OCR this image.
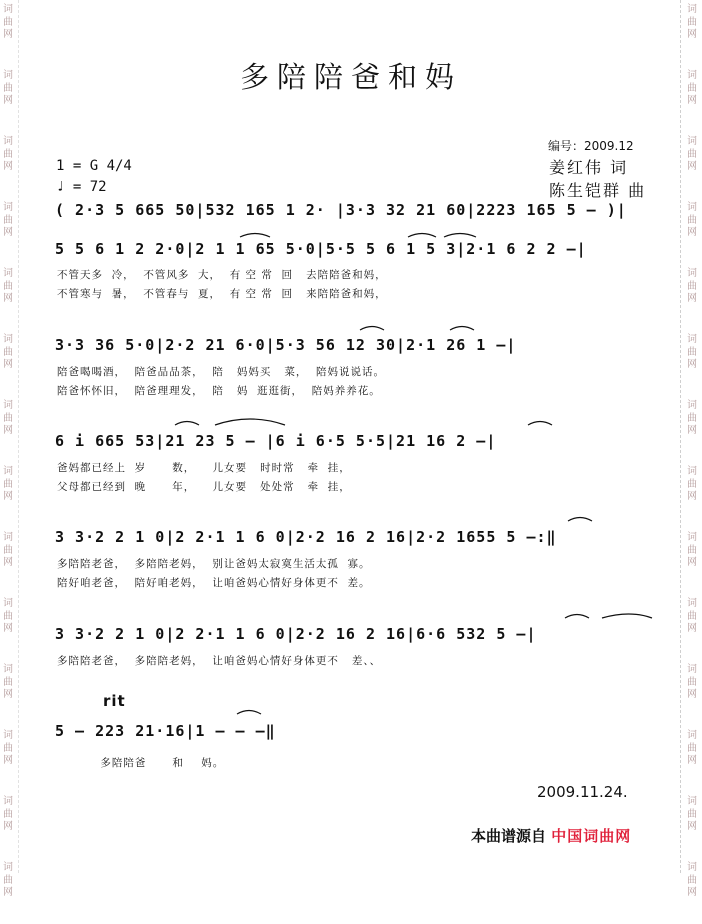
词
曲
网
词
曲
网
词
曲
网
词
曲
网
词
曲
网
词
曲
网
词
曲
网
词
曲
网
词
曲
网
词
曲
网
词
曲
网
词
曲
网
词
曲
网
词
曲
网
词
曲
网
词
曲
网
词
曲
网
词
曲
网
词
曲
网
词
曲
网
词
曲
网
词
曲
网
词
曲
网
词
曲
网
词
曲
网
词
曲
网
词
曲
网
词
曲
网
多陪陪爸和妈
编号：2009.12
1 = G 4/4
♩ = 72
姜红伟 词
陈生铠群 曲
( 2·3 5 665 50|532 165 1 2· |3·3 32 21 60|2223 165 5 – )|
5 5 6 1 2 2·0|2 1 1 65 5·0|5·5 5 6 1 5 3|2·1 6 2 2 –|
不管天多  冷，  不管风多  大，  有 空 常  回   去陪陪爸和妈，
不管寒与  暑，  不管春与  夏，  有 空 常  回   来陪陪爸和妈，
3·3 36 5·0|2·2 21 6·0|5·3 56 12 30|2·1 26 1 –|
陪爸喝喝酒，  陪爸品品茶，  陪   妈妈买   菜，  陪妈说说话。
陪爸怀怀旧，  陪爸理理发，  陪   妈  逛逛街，  陪妈养养花。
6 i 665 53|21 23 5 – |6 i 6·5 5·5|21 16 2 –|
爸妈都已经上  岁      数，    儿女要   时时常   牵  挂，
父母都已经到  晚      年，    儿女要   处处常   牵  挂，
3 3·2 2 1 0|2 2·1 1 6 0|2·2 16 2 16|2·2 1655 5 –:‖
多陪陪老爸，  多陪陪老妈，  别让爸妈太寂寞生活太孤  寡。
陪好咱老爸，  陪好咱老妈，  让咱爸妈心情好身体更不  差。
3 3·2 2 1 0|2 2·1 1 6 0|2·2 16 2 16|6·6 532 5 –|
多陪陪老爸，  多陪陪老妈，  让咱爸妈心情好身体更不   差、、
rit
5 – 223 21·16|1 – – –‖
多陪陪爸      和    妈。
2009.11.24.
本曲谱源自 中国词曲网
